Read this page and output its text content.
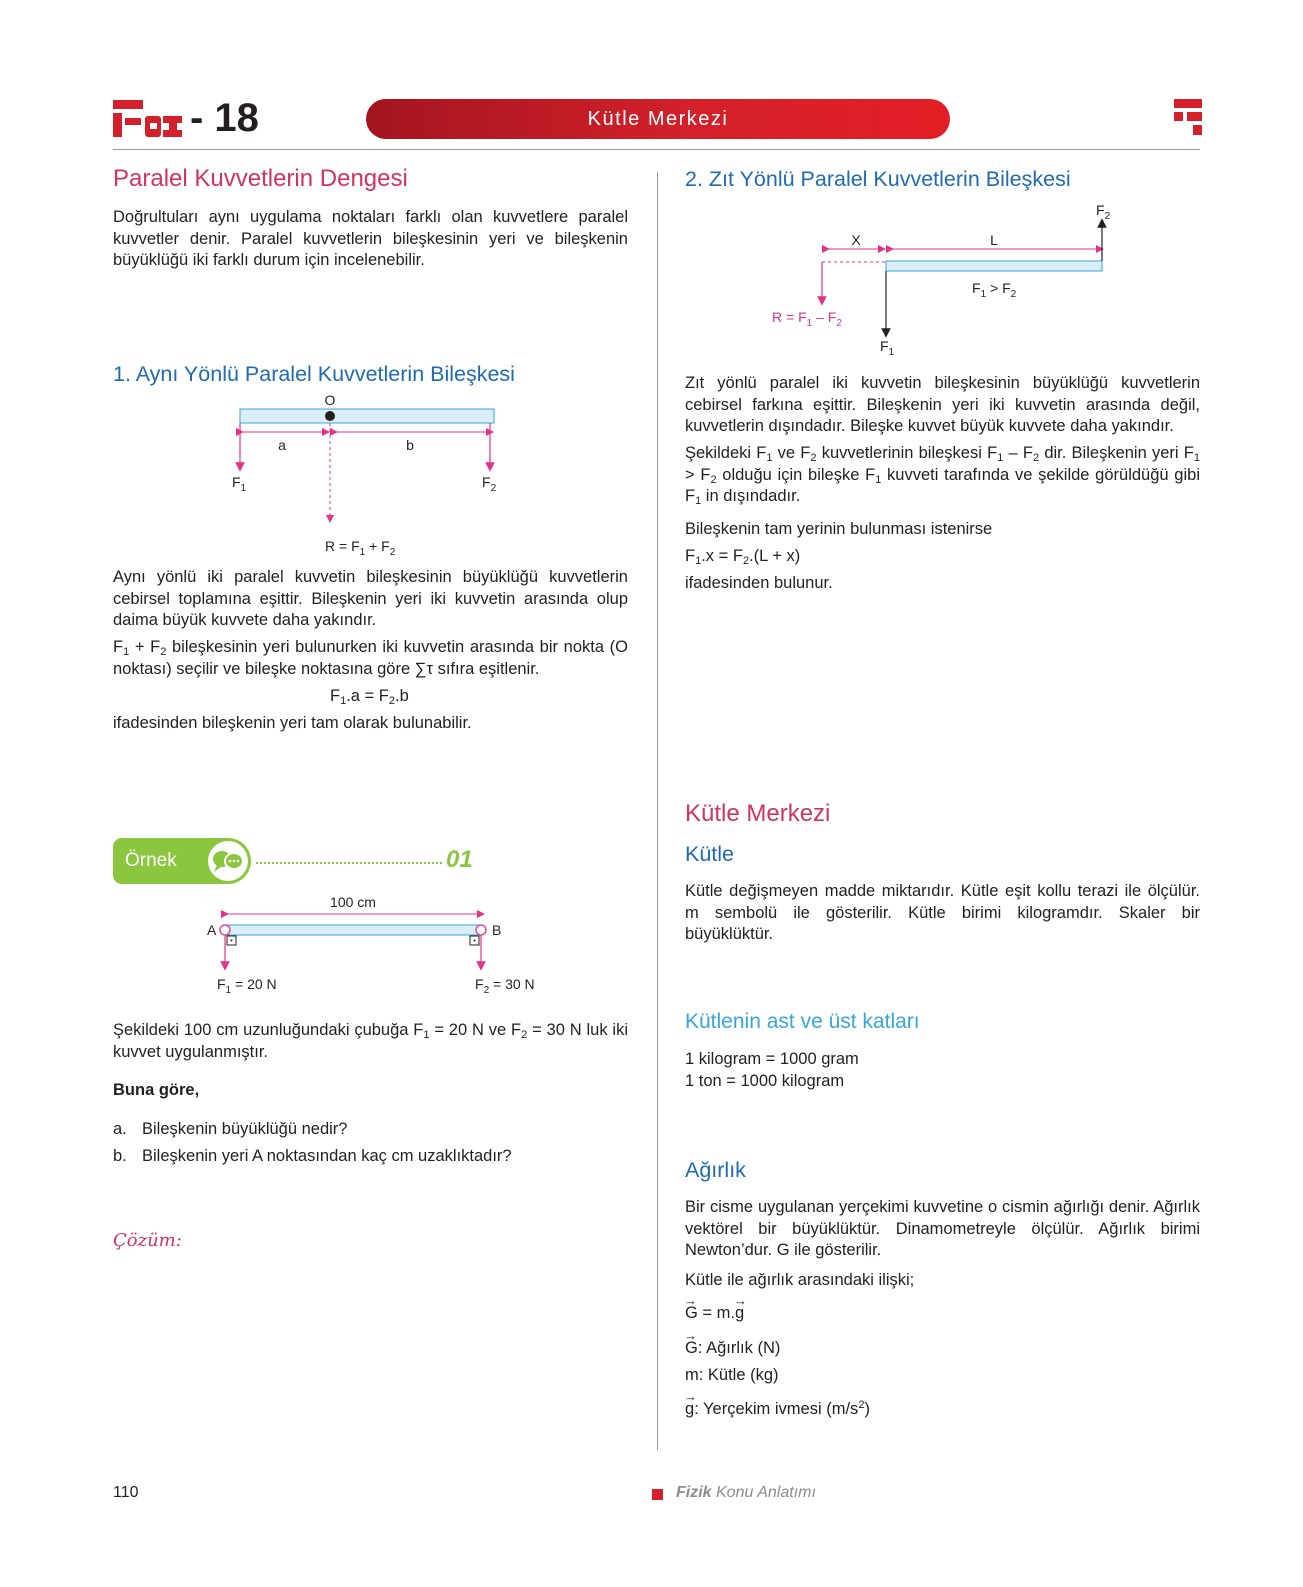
- 18	Kütle Merkezi
Paralel Kuvvetlerin Dengesi
Doğrultuları aynı uygulama noktaları farklı olan kuvvetlere paralel kuvvetler denir. Paralel kuvvetlerin bileşkesinin yeri ve bileşkenin büyüklüğü iki farklı durum için incelenebilir.
1. Aynı Yönlü Paralel Kuvvetlerin Bileşkesi
O
a	b
$F_1$	$F_2$
$R = F_1 + F_2$
Aynı yönlü iki paralel kuvvetin bileşkesinin büyüklüğü kuvvetlerin cebirsel toplamına eşittir. Bileşkenin yeri iki kuvvetin arasında olup daima büyük kuvvete daha yakındır.
$F_1 + F_2$ bileşkesinin yeri bulunurken iki kuvvetin arasında bir nokta (O noktası) seçilir ve bileşke noktasına göre ∑τ sıfıra eşitlenir.
$F_1.a = F_2.b$
ifadesinden bileşkenin yeri tam olarak bulunabilir.
Örnek	01
100 cm
A	B
$F_1 = 20$ N	$F_2 = 30$ N
Şekildeki 100 cm uzunluğundaki çubuğa $F_1 = 20$ N ve $F_2 = 30$ N luk iki kuvvet uygulanmıştır.
Buna göre,
a. Bileşkenin büyüklüğü nedir?
b. Bileşkenin yeri A noktasından kaç cm uzaklıktadır?
Çözüm:
2. Zıt Yönlü Paralel Kuvvetlerin Bileşkesi
X	L
$F_2$
$F_1 > F_2$
$R = F_1 - F_2$
$F_1$
Zıt yönlü paralel iki kuvvetin bileşkesinin büyüklüğü kuvvetlerin cebirsel farkına eşittir. Bileşkenin yeri iki kuvvetin arasında değil, kuvvetlerin dışındadır. Bileşke kuvvet büyük kuvvete daha yakındır.
Şekildeki $F_1$ ve $F_2$ kuvvetlerinin bileşkesi $F_1 - F_2$ dir. Bileşkenin yeri $F_1 > F_2$ olduğu için bileşke $F_1$ kuvveti tarafında ve şekilde görüldüğü gibi $F_1$ in dışındadır.
Bileşkenin tam yerinin bulunması istenirse
$F_1.x = F_2.(L + x)$
ifadesinden bulunur.
Kütle Merkezi
Kütle
Kütle değişmeyen madde miktarıdır. Kütle eşit kollu terazi ile ölçülür. m sembolü ile gösterilir. Kütle birimi kilogramdır. Skaler bir büyüklüktür.
Kütlenin ast ve üst katları
1 kilogram = 1000 gram
1 ton = 1000 kilogram
Ağırlık
Bir cisme uygulanan yerçekimi kuvvetine o cismin ağırlığı denir. Ağırlık vektörel bir büyüklüktür. Dinamometreyle ölçülür. Ağırlık birimi Newton’dur. G ile gösterilir.
Kütle ile ağırlık arasındaki ilişki;
→ G = m.→ g
→ G: Ağırlık (N)
m: Kütle (kg)
→ g: Yerçekim ivmesi $(m/s^2)$
110	Fizik Konu Anlatımı
